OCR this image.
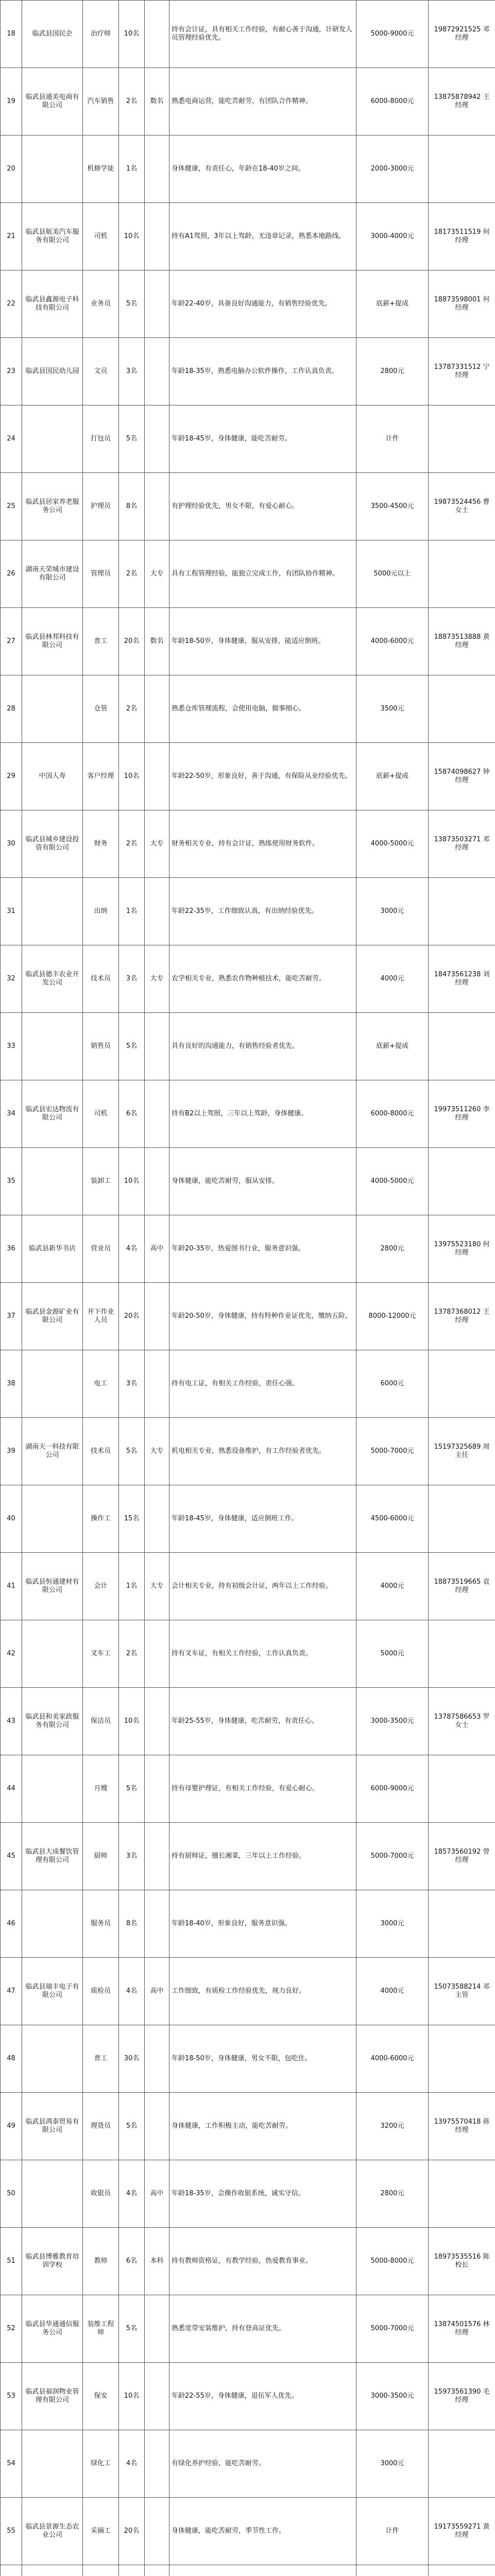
18	临武县国民企	治疗师	10名		持有会计证，具有相关工作经验，有耐心善于沟通，计研发人员管理经验优先。	5000-9000元	19872921525 邓经理
19	临武县通美电商有限公司	汽车销售	2名	数名	熟悉电商运营，能吃苦耐劳，有团队合作精神。	6000-8000元	13875878942 王经理
20		机修学徒	1名		身体健康，有责任心，年龄在18-40岁之间。	2000-3000元	
21	临武县航美汽车服务有限公司	司机	10名		持有A1驾照，3年以上驾龄，无违章记录，熟悉本地路线。	3000-4000元	18173511519 何经理
22	临武县鑫源电子科技有限公司	业务员	5名		年龄22-40岁，具备良好沟通能力，有销售经验优先。	底薪+提成	18873598001 何经理
23	临武县国民幼儿园	文员	3名		年龄18-35岁，熟悉电脑办公软件操作，工作认真负责。	2800元	13787331512 宁经理
24		打包员	5名		年龄18-45岁，身体健康，能吃苦耐劳。	计件	
25	临武县居家养老服务公司	护理员	8名		有护理经验优先，男女不限，有爱心耐心。	3500-4500元	19873524456 曹女士
26	湖南天荣城市建设有限公司	管理员	2名	大专	具有工程管理经验，能独立完成工作，有团队协作精神。	5000元以上	
27	临武县林邦科技有限公司	普工	20名	数名	年龄18-50岁，身体健康，服从安排，能适应倒班。	4000-6000元	18873513888 黄经理
28		仓管	2名		熟悉仓库管理流程，会使用电脑，做事细心。	3500元	
29	中国人寿	客户经理	10名		年龄22-50岁，形象良好，善于沟通，有保险从业经验优先。	底薪+提成	15874098627 钟经理
30	临武县城乡建设投资有限公司	财务	2名	大专	财务相关专业，持有会计证，熟练使用财务软件。	4000-5000元	13873503271 邓经理
31		出纳	1名		年龄22-35岁，工作细致认真，有出纳经验优先。	3000元	
32	临武县德丰农业开发公司	技术员	3名	大专	农学相关专业，熟悉农作物种植技术，能吃苦耐劳。	4000元	18473561238 刘经理
33		销售员	5名		具有良好的沟通能力，有销售经验者优先。	底薪+提成	
34	临武县宏达物流有限公司	司机	6名		持有B2以上驾照，三年以上驾龄，身体健康。	6000-8000元	19973511260 李经理
35		装卸工	10名		身体健康，能吃苦耐劳，服从安排。	4000-5000元	
36	临武县新华书店	营业员	4名	高中	年龄20-35岁，热爱图书行业，服务意识强。	2800元	13975523180 何经理
37	临武县金源矿业有限公司	井下作业人员	20名		年龄20-50岁，身体健康，持有特种作业证优先，缴纳五险。	8000-12000元	13787368012 王经理
38		电工	3名		持有电工证，有相关工作经验，责任心强。	6000元	
39	湖南天一科技有限公司	技术员	5名	大专	机电相关专业，熟悉设备维护，有工作经验者优先。	5000-7000元	15197325689 周主任
40		操作工	15名		年龄18-45岁，身体健康，适应倒班工作。	4500-6000元	
41	临武县恒通建材有限公司	会计	1名	大专	会计相关专业，持有初级会计证，两年以上工作经验。	4000元	18873519665 袁经理
42		叉车工	2名		持有叉车证，有相关工作经验，工作认真负责。	5000元	
43	临武县和美家政服务有限公司	保洁员	10名		年龄25-55岁，身体健康，吃苦耐劳，有责任心。	3000-3500元	13787586653 罗女士
44		月嫂	5名		持有母婴护理证，有相关工作经验，有爱心耐心。	6000-9000元	
45	临武县大成餐饮管理有限公司	厨师	3名		持有厨师证，擅长湘菜，三年以上工作经验。	5000-7000元	18573560192 曾经理
46		服务员	8名		年龄18-40岁，形象良好，服务意识强。	3000元	
47	临武县瑞丰电子有限公司	质检员	4名	高中	工作细致，有质检工作经验优先，视力良好。	4000元	15073588214 邓主管
48		普工	30名		年龄18-50岁，身体健康，男女不限，包吃住。	4000-6000元	
49	临武县鸿泰贸易有限公司	理货员	5名		身体健康，工作积极主动，能吃苦耐劳。	3200元	13975570418 蒋经理
50		收银员	4名	高中	年龄18-35岁，会操作收银系统，诚实守信。	2800元	
51	临武县博雅教育培训学校	教师	6名	本科	持有教师资格证，有教学经验，热爱教育事业。	5000-8000元	18973535516 陈校长
52	临武县华通通信服务公司	装维工程师	5名		熟悉宽带安装维护，持有登高证优先。	5000-7000元	13874501576 林经理
53	临武县福润物业管理有限公司	保安	10名		年龄22-55岁，身体健康，退伍军人优先。	3000-3500元	15973561390 毛经理
54		绿化工	4名		有绿化养护经验，能吃苦耐劳。	3000元	
55	临武县景源生态农业公司	采摘工	20名		身体健康，能吃苦耐劳，季节性工作。	计件	19173559271 黄经理
